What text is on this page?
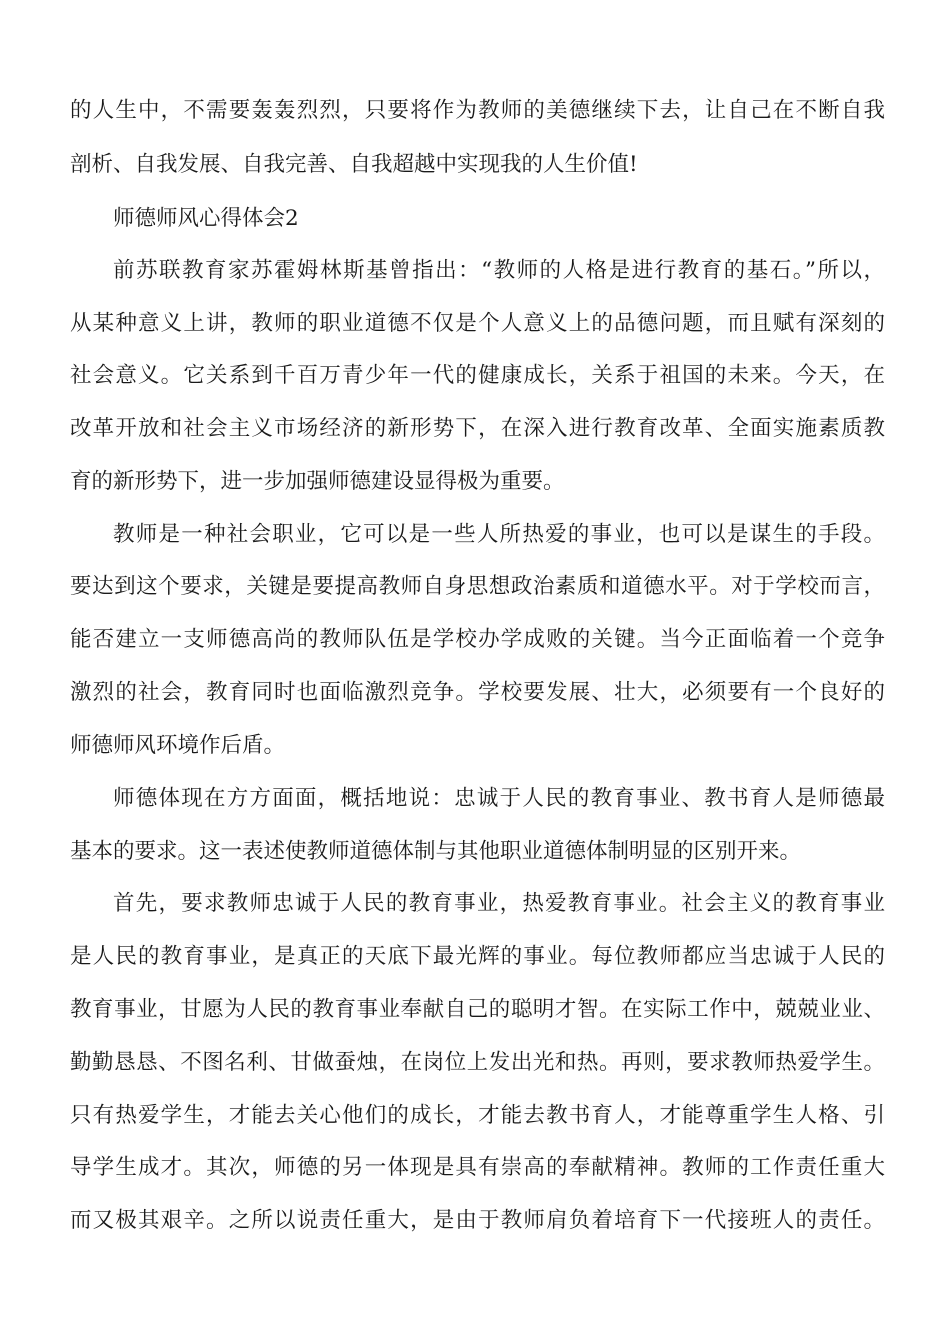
的人生中，不需要轰轰烈烈，只要将作为教师的美德继续下去，让自己在不断自我
剖析、自我发展、自我完善、自我超越中实现我的人生价值!
师德师风心得体会2
前苏联教育家苏霍姆林斯基曾指出：“教师的人格是进行教育的基石。”所以，
从某种意义上讲，教师的职业道德不仅是个人意义上的品德问题，而且赋有深刻的
社会意义。它关系到千百万青少年一代的健康成长，关系于祖国的未来。今天，在
改革开放和社会主义市场经济的新形势下，在深入进行教育改革、全面实施素质教
育的新形势下，进一步加强师德建设显得极为重要。
教师是一种社会职业，它可以是一些人所热爱的事业，也可以是谋生的手段。
要达到这个要求，关键是要提高教师自身思想政治素质和道德水平。对于学校而言，
能否建立一支师德高尚的教师队伍是学校办学成败的关键。当今正面临着一个竞争
激烈的社会，教育同时也面临激烈竞争。学校要发展、壮大，必须要有一个良好的
师德师风环境作后盾。
师德体现在方方面面，概括地说：忠诚于人民的教育事业、教书育人是师德最
基本的要求。这一表述使教师道德体制与其他职业道德体制明显的区别开来。
首先，要求教师忠诚于人民的教育事业，热爱教育事业。社会主义的教育事业
是人民的教育事业，是真正的天底下最光辉的事业。每位教师都应当忠诚于人民的
教育事业，甘愿为人民的教育事业奉献自己的聪明才智。在实际工作中，兢兢业业、
勤勤恳恳、不图名利、甘做蚕烛，在岗位上发出光和热。再则，要求教师热爱学生。
只有热爱学生，才能去关心他们的成长，才能去教书育人，才能尊重学生人格、引
导学生成才。其次，师德的另一体现是具有崇高的奉献精神。教师的工作责任重大
而又极其艰辛。之所以说责任重大，是由于教师肩负着培育下一代接班人的责任。
